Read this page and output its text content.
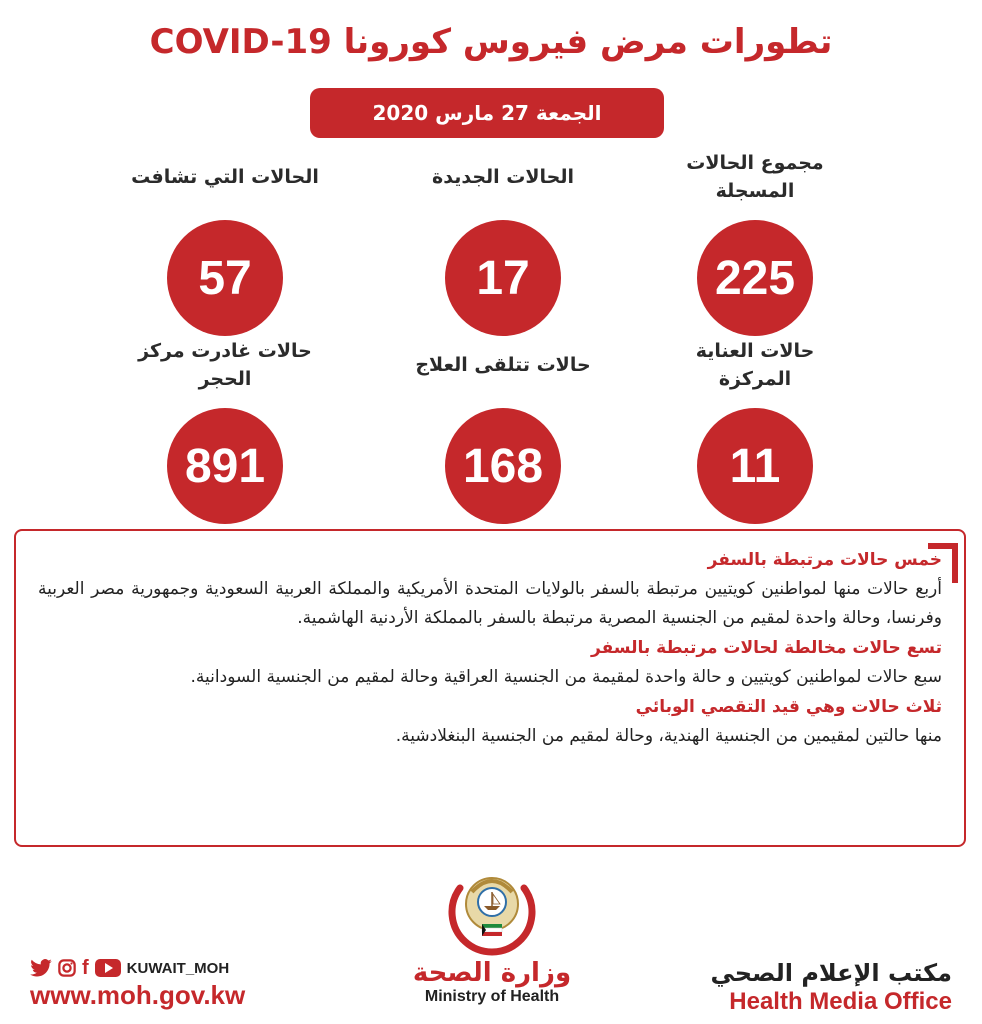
تطورات مرض فيروس كورونا COVID-19
الجمعة 27 مارس 2020
مجموع الحالات المسجلة
225
الحالات الجديدة
17
الحالات التي تشافت
57
حالات العناية المركزة
11
حالات تتلقى العلاج
168
حالات غادرت مركز الحجر
891
خمس حالات مرتبطة بالسفر
أربع حالات منها لمواطنين كويتيين مرتبطة بالسفر بالولايات المتحدة الأمريكية والمملكة العربية السعودية وجمهورية مصر العربية وفرنسا، وحالة واحدة لمقيم من الجنسية المصرية مرتبطة بالسفر بالمملكة الأردنية الهاشمية.
تسع حالات مخالطة لحالات مرتبطة بالسفر
سبع حالات لمواطنين كويتيين و حالة واحدة لمقيمة من الجنسية العراقية وحالة لمقيم من الجنسية السودانية.
ثلاث حالات وهي قيد التقصي الوبائي
منها حالتين لمقيمين من الجنسية الهندية، وحالة لمقيم من الجنسية البنغلادشية.
f	KUWAIT_MOH
www.moh.gov.kw
وزارة الصحة
Ministry of Health
مكتب الإعلام الصحي
Health Media Office
